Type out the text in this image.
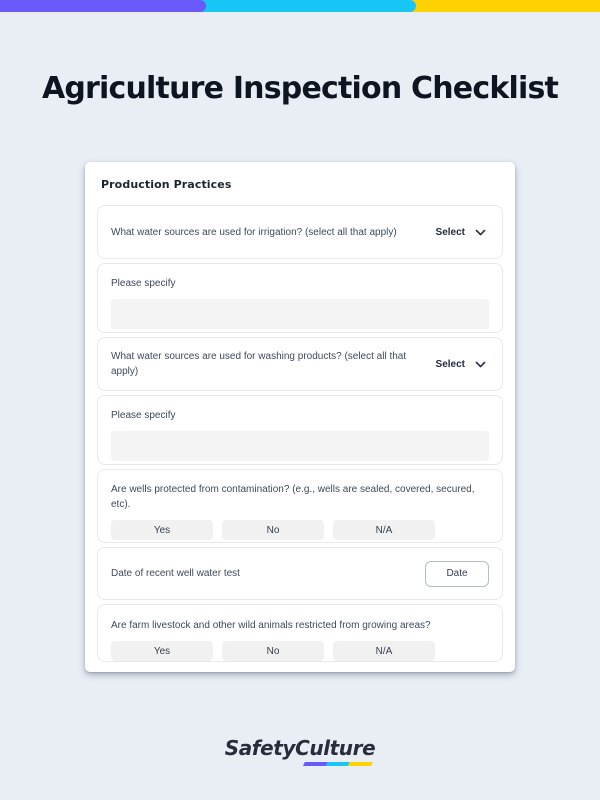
Agriculture Inspection Checklist
Production Practices
What water sources are used for irrigation? (select all that apply)	Select
Please specify
What water sources are used for washing products? (select all that apply)
Select
Please specify
Are wells protected from contamination? (e.g., wells are sealed, covered, secured, etc).
Yes	No	N/A
Date of recent well water test	Date
Are farm livestock and other wild animals restricted from growing areas?
Yes	No	N/A
SafetyCulture
